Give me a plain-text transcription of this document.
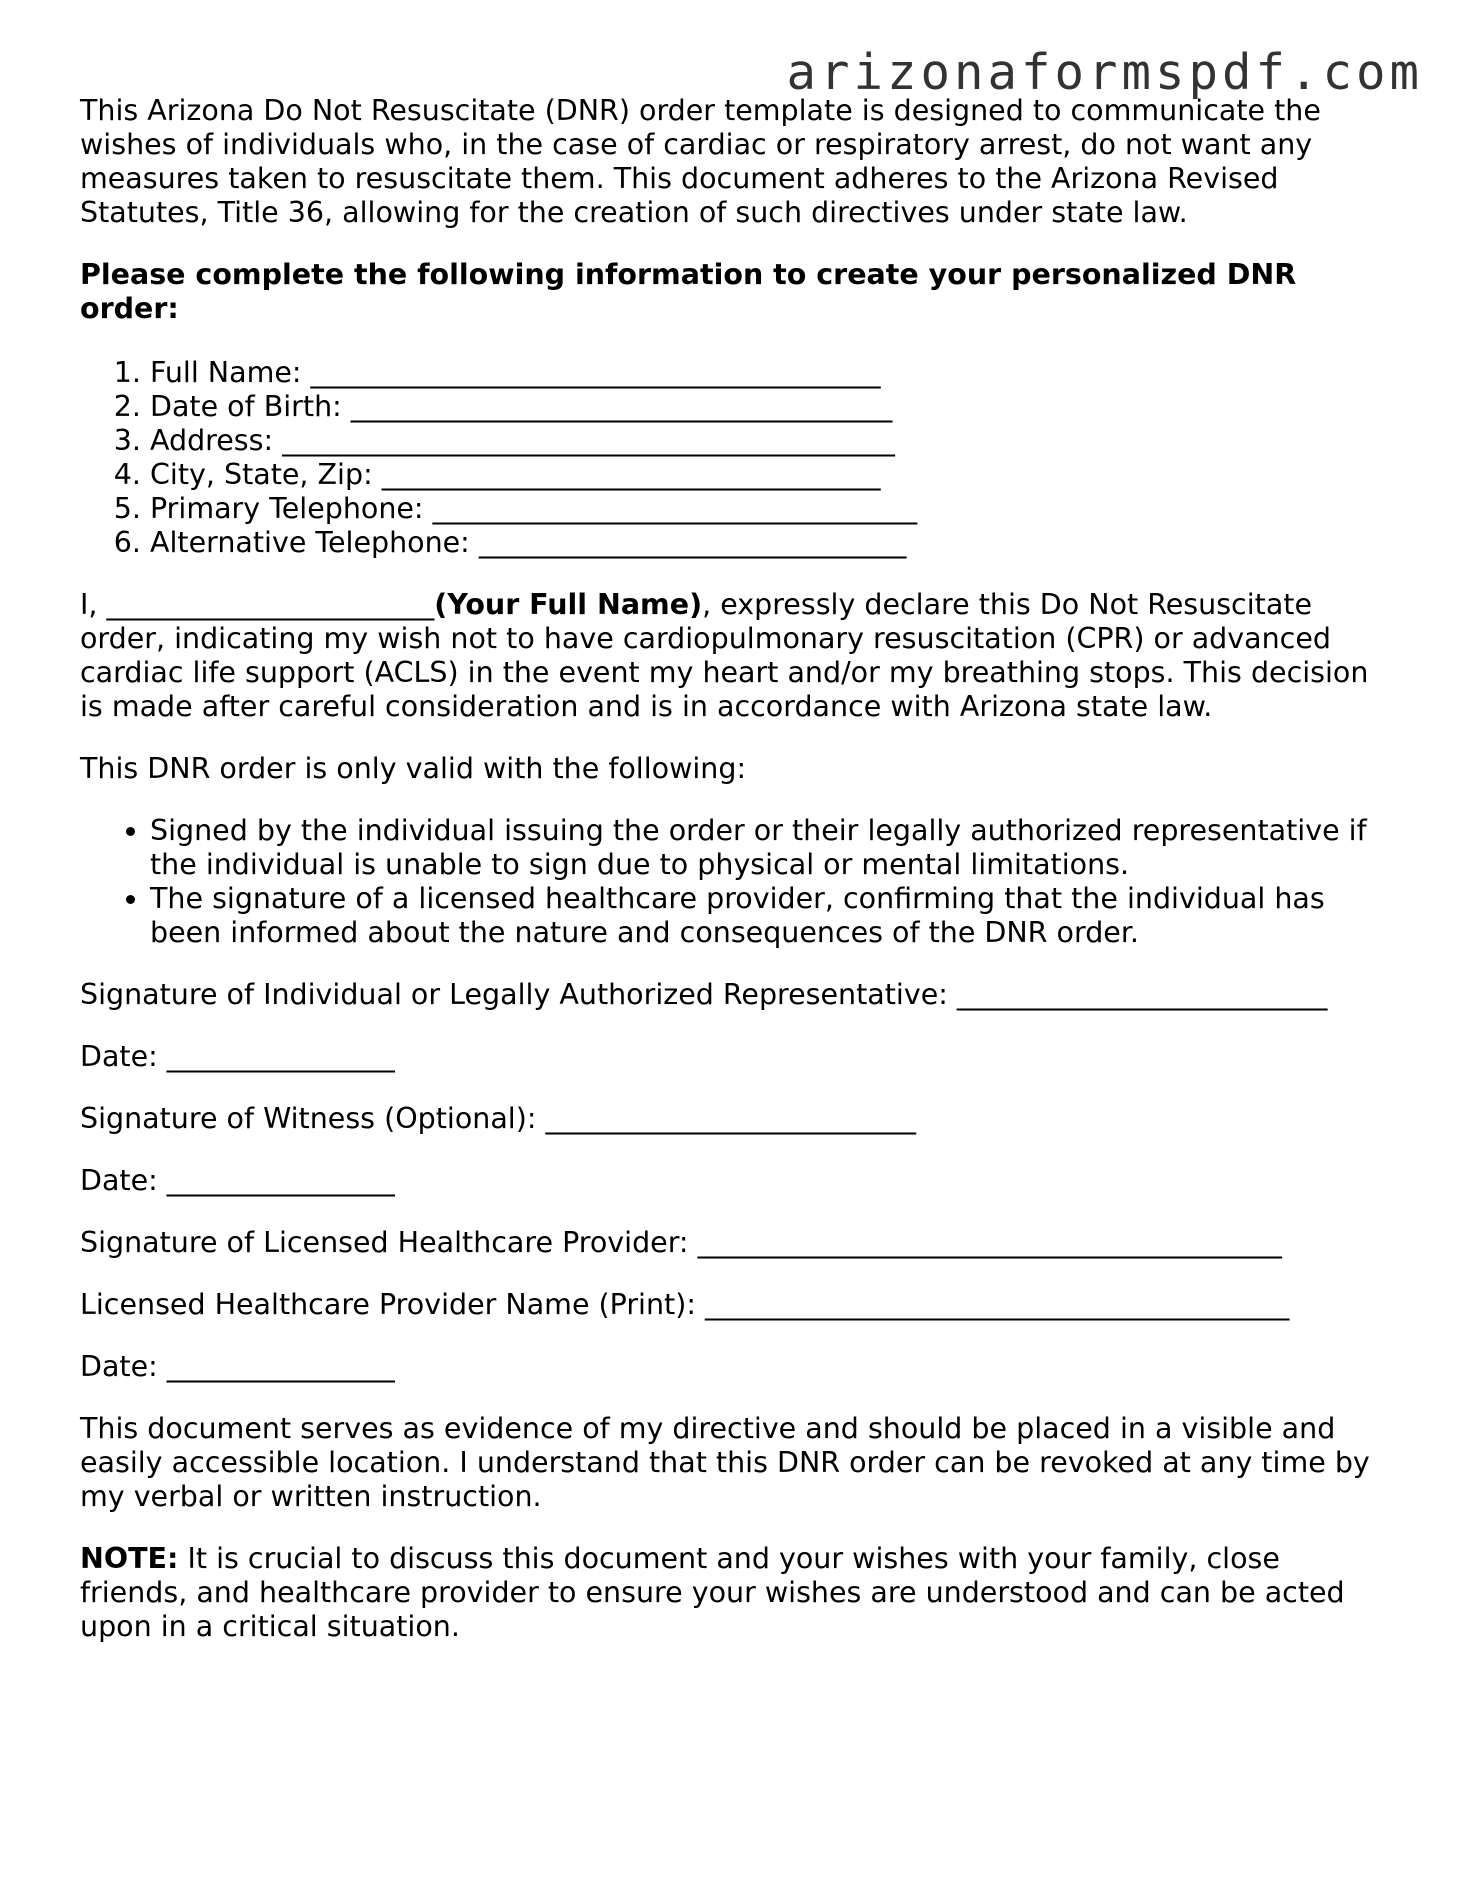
arizonaformspdf.com

This Arizona Do Not Resuscitate (DNR) order template is designed to communicate the wishes of individuals who, in the case of cardiac or respiratory arrest, do not want any measures taken to resuscitate them. This document adheres to the Arizona Revised Statutes, Title 36, allowing for the creation of such directives under state law.

Please complete the following information to create your personalized DNR order:

1. Full Name: ________________________________________
2. Date of Birth: ______________________________________
3. Address: ___________________________________________
4. City, State, Zip: ___________________________________
5. Primary Telephone: __________________________________
6. Alternative Telephone: ______________________________

I, _______________________(Your Full Name), expressly declare this Do Not Resuscitate order, indicating my wish not to have cardiopulmonary resuscitation (CPR) or advanced cardiac life support (ACLS) in the event my heart and/or my breathing stops. This decision is made after careful consideration and is in accordance with Arizona state law.

This DNR order is only valid with the following:

• Signed by the individual issuing the order or their legally authorized representative if the individual is unable to sign due to physical or mental limitations.
• The signature of a licensed healthcare provider, confirming that the individual has been informed about the nature and consequences of the DNR order.

Signature of Individual or Legally Authorized Representative: __________________________

Date: ________________

Signature of Witness (Optional): __________________________

Date: ________________

Signature of Licensed Healthcare Provider: _________________________________________

Licensed Healthcare Provider Name (Print): _________________________________________

Date: ________________

This document serves as evidence of my directive and should be placed in a visible and easily accessible location. I understand that this DNR order can be revoked at any time by my verbal or written instruction.

NOTE: It is crucial to discuss this document and your wishes with your family, close friends, and healthcare provider to ensure your wishes are understood and can be acted upon in a critical situation.
